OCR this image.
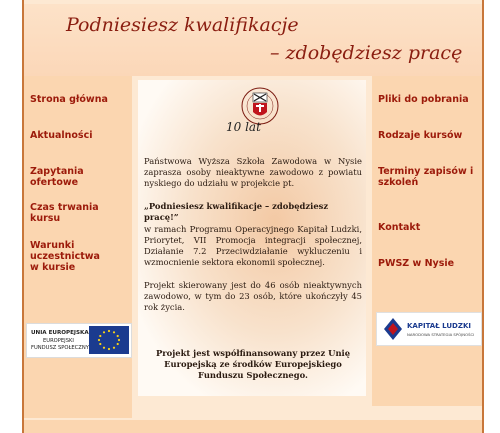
Podniesiesz kwalifikacje
– zdobędziesz pracę
Strona główna
Aktualności
Zapytania ofertowe
Czas trwania kursu
Warunki uczestnictwa w kursie
Pliki do pobrania
Rodzaje kursów
Terminy zapisów i szkoleń
Kontakt
PWSZ w Nysie
10 lat

Państwowa Wyższa Szkoła Zawodowa w Nysie zaprasza osoby nieaktywne zawodowo z powiatu nyskiego do udziału w projekcie pt.

„Podniesiesz kwalifikacje – zdobędziesz pracę!”

w ramach Programu Operacyjnego Kapitał Ludzki, Priorytet, VII Promocja integracji społecznej, Działanie 7.2 Przeciwdziałanie wykluczeniu i wzmocnienie sektora ekonomii społecznej.

Projekt skierowany jest do 46 osób nieaktywnych zawodowo, w tym do 23 osób, które ukończyły 45 rok życia.

Projekt jest współfinansowany przez Unię Europejską ze środków Europejskiego Funduszu Społecznego.
UNIA EUROPEJSKA
EUROPEJSKI
FUNDUSZ SPOŁECZNY
KAPITAŁ LUDZKI
NARODOWA STRATEGIA SPÓJNOŚCI
